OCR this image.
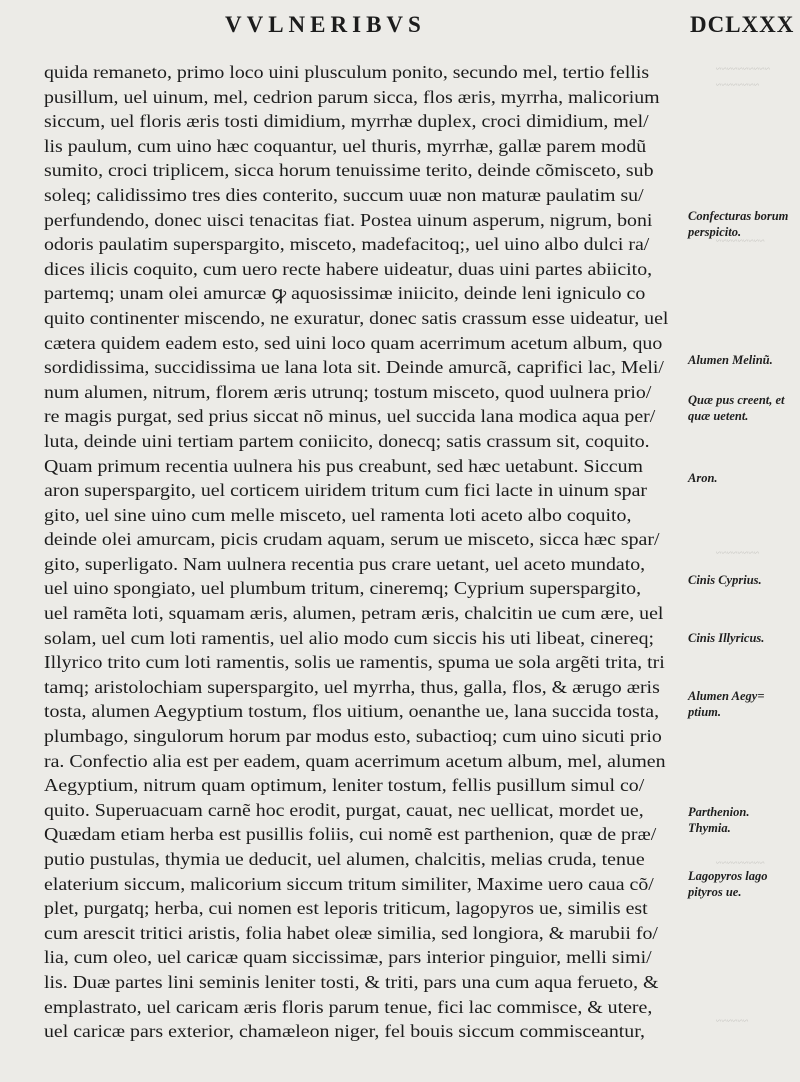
VVLNERIBVS	DCLXXX
~~~~~~~~~~
~~~~~~~~
~~~~~~~~~
~~~~~~~~
~~~~~~~~~
~~~~~~
quida remaneto, primo loco uini plusculum ponito, secundo mel, tertio fellis
pusillum, uel uinum, mel, cedrion parum sicca, flos æris, myrrha, malicorium
siccum, uel floris æris tosti dimidium, myrrhæ duplex, croci dimidium, mel/
lis paulum, cum uino hæc coquantur, uel thuris, myrrhæ, gallæ parem modũ
sumito, croci triplicem, sicca horum tenuissime terito, deinde cõmisceto, sub
soleq; calidissimo tres dies conterito, succum uuæ non maturæ paulatim su/
perfundendo, donec uisci tenacitas fiat. Postea uinum asperum, nigrum, boni
odoris paulatim superspargito, misceto, madefacitoq;, uel uino albo dulci ra/
dices ilicis coquito, cum uero recte habere uideatur, duas uini partes abiicito,
partemq; unam olei amurcæ ꝙ aquosissimæ iniicito, deinde leni igniculo co
quito continenter miscendo, ne exuratur, donec satis crassum esse uideatur, uel
cætera quidem eadem esto, sed uini loco quam acerrimum acetum album, quo
sordidissima, succidissima ue lana lota sit. Deinde amurcã, caprifici lac, Meli/
num alumen, nitrum, florem æris utrunq; tostum misceto, quod uulnera prio/
re magis purgat, sed prius siccat nõ minus, uel succida lana modica aqua per/
luta, deinde uini tertiam partem coniicito, donecq; satis crassum sit, coquito.
Quam primum recentia uulnera his pus creabunt, sed hæc uetabunt. Siccum
aron superspargito, uel corticem uiridem tritum cum fici lacte in uinum spar
gito, uel sine uino cum melle misceto, uel ramenta loti aceto albo coquito,
deinde olei amurcam, picis crudam aquam, serum ue misceto, sicca hæc spar/
gito, superligato. Nam uulnera recentia pus crare uetant, uel aceto mundato,
uel uino spongiato, uel plumbum tritum, cineremq; Cyprium superspargito,
uel ramẽta loti, squamam æris, alumen, petram æris, chalcitin ue cum ære, uel
solam, uel cum loti ramentis, uel alio modo cum siccis his uti libeat, cinereq;
Illyrico trito cum loti ramentis, solis ue ramentis, spuma ue sola argẽti trita, tri
tamq; aristolochiam superspargito, uel myrrha, thus, galla, flos, & ærugo æris
tosta, alumen Aegyptium tostum, flos uitium, oenanthe ue, lana succida tosta,
plumbago, singulorum horum par modus esto, subactioq; cum uino sicuti prio
ra. Confectio alia est per eadem, quam acerrimum acetum album, mel, alumen
Aegyptium, nitrum quam optimum, leniter tostum, fellis pusillum simul co/
quito. Superuacuam carnẽ hoc erodit, purgat, cauat, nec uellicat, mordet ue,
Quædam etiam herba est pusillis foliis, cui nomẽ est parthenion, quæ de præ/
putio pustulas, thymia ue deducit, uel alumen, chalcitis, melias cruda, tenue
elaterium siccum, malicorium siccum tritum similiter, Maxime uero caua cõ/
plet, purgatq; herba, cui nomen est leporis triticum, lagopyros ue, similis est
cum arescit tritici aristis, folia habet oleæ similia, sed longiora, & marubii fo/
lia, cum oleo, uel caricæ quam siccissimæ, pars interior pinguior, melli simi/
lis. Duæ partes lini seminis leniter tosti, & triti, pars una cum aqua ferueto, &
emplastrato, uel caricam æris floris parum tenue, fici lac commisce, & utere,
uel caricæ pars exterior, chamæleon niger, fel bouis siccum commisceantur,
Confecturas borum perspicito.
Alumen Melinũ.
Quæ pus creent, et quæ uetent.
Aron.
Cinis Cyprius.
Cinis Illyricus.
Alumen Aegy= ptium.
Parthenion. Thymia.
Lagopyros lago pityros ue.
